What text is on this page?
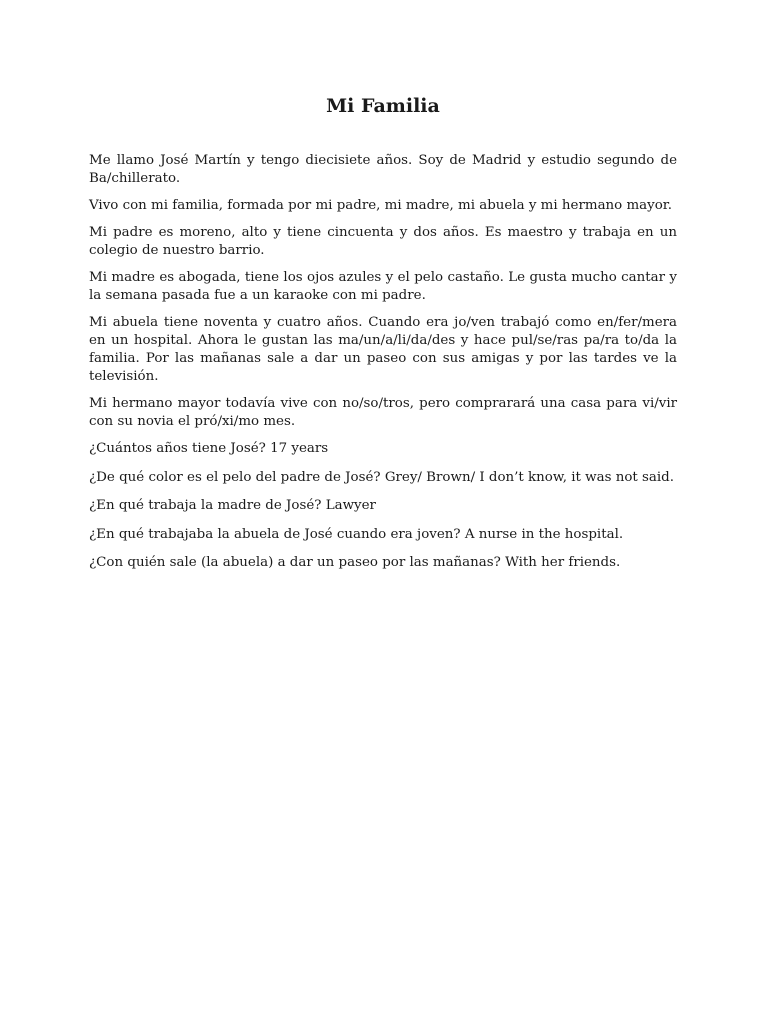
Mi Familia

Me llamo José Martín y tengo diecisiete años. Soy de Madrid y estudio segundo de Ba/chillerato.

Vivo con mi familia, formada por mi padre, mi madre, mi abuela y mi hermano mayor.

Mi padre es moreno, alto y tiene cincuenta y dos años. Es maestro y trabaja en un colegio de nuestro barrio.

Mi madre es abogada, tiene los ojos azules y el pelo castaño. Le gusta mucho cantar y la semana pasada fue a un karaoke con mi padre.

Mi abuela tiene noventa y cuatro años. Cuando era jo/ven trabajó como en/fer/mera en un hospital. Ahora le gustan las ma/un/a/li/da/des y hace pul/se/ras pa/ra to/da la familia. Por las mañanas sale a dar un paseo con sus amigas y por las tardes ve la televisión.

Mi hermano mayor todavía vive con no/so/tros, pero comprarará una casa para vi/vir con su novia el pró/xi/mo mes.

¿Cuántos años tiene José? 17 years

¿De qué color es el pelo del padre de José? Grey/ Brown/ I don’t know, it was not said.

¿En qué trabaja la madre de José? Lawyer

¿En qué trabajaba la abuela de José cuando era joven? A nurse in the hospital.

¿Con quién sale (la abuela) a dar un paseo por las mañanas? With her friends.
